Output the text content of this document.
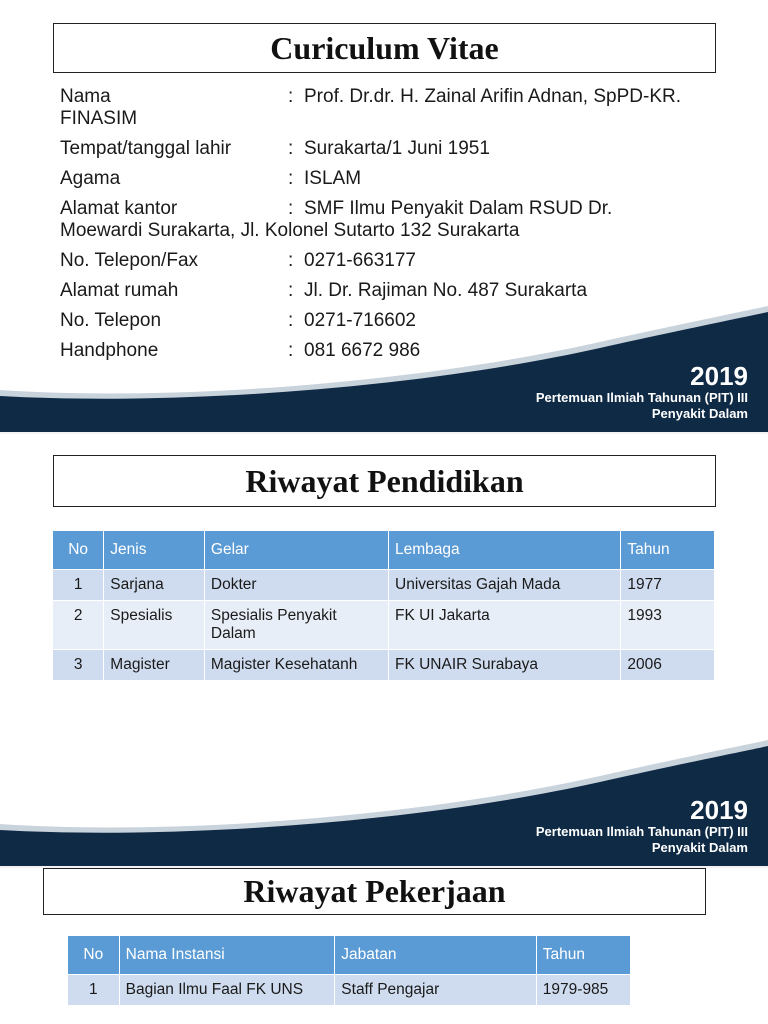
Curiculum Vitae
Nama	: Prof. Dr.dr. H. Zainal Arifin Adnan, SpPD-KR.
FINASIM
Tempat/tanggal lahir	: Surakarta/1 Juni 1951
Agama	: ISLAM
Alamat kantor	: SMF Ilmu Penyakit Dalam RSUD Dr.
Moewardi Surakarta, Jl. Kolonel Sutarto 132 Surakarta
No. Telepon/Fax	: 0271-663177
Alamat rumah	: Jl. Dr. Rajiman No. 487 Surakarta
No. Telepon	: 0271-716602
Handphone	: 081 6672 986
2019
Pertemuan Ilmiah Tahunan (PIT) III
Penyakit Dalam
Riwayat Pendidikan
No	Jenis	Gelar	Lembaga	Tahun
1	Sarjana	Dokter	Universitas Gajah Mada	1977
2	Spesialis	Spesialis Penyakit Dalam	FK UI Jakarta	1993
3	Magister	Magister Kesehatanh	FK UNAIR Surabaya	2006
2019
Pertemuan Ilmiah Tahunan (PIT) III
Penyakit Dalam
Riwayat Pekerjaan
No	Nama Instansi	Jabatan	Tahun
1	Bagian Ilmu Faal FK UNS	Staff Pengajar	1979-985
